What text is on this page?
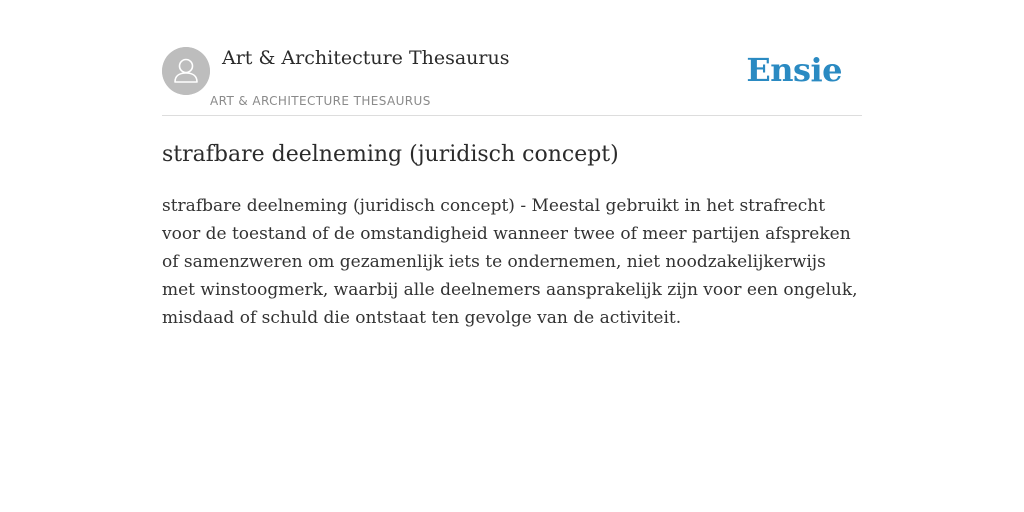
Art & Architecture Thesaurus
ART & ARCHITECTURE THESAURUS
Ensie
strafbare deelneming (juridisch concept)

strafbare deelneming (juridisch concept) - Meestal gebruikt in het strafrecht voor de toestand of de omstandigheid wanneer twee of meer partijen afspreken of samenzweren om gezamenlijk iets te ondernemen, niet noodzakelijkerwijs met winstoogmerk, waarbij alle deelnemers aansprakelijk zijn voor een ongeluk, misdaad of schuld die ontstaat ten gevolge van de activiteit.
